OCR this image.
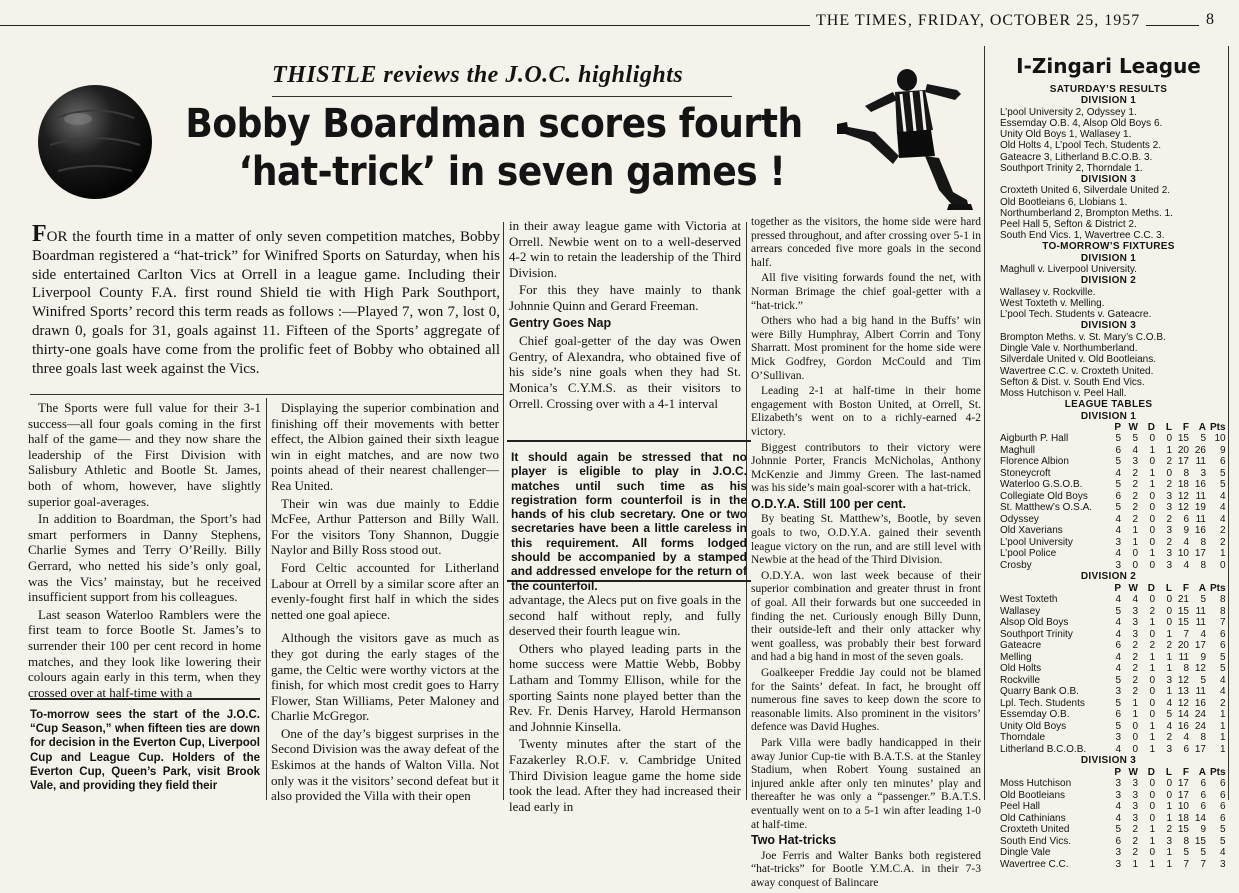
THE TIMES, FRIDAY, OCTOBER 25, 1957	8
THISTLE reviews the J.O.C. highlights
Bobby Boardman scores fourth
‘hat-trick’ in seven games !

FOR the fourth time in a matter of only seven competition matches, Bobby Boardman registered a “hat-trick” for Winifred Sports on Saturday, when his side entertained Carlton Vics at Orrell in a league game. Including their Liverpool County F.A. first round Shield tie with High Park Southport, Winifred Sports’ record this term reads as follows :—Played 7, won 7, lost 0, drawn 0, goals for 31, goals against 11. Fifteen of the Sports’ aggregate of thirty-one goals have come from the prolific feet of Bobby who obtained all three goals last week against the Vics.

The Sports were full value for their 3-1 success—all four goals coming in the first half of the game— and they now share the leadership of the First Division with Salisbury Athletic and Bootle St. James, both of whom, however, have slightly superior goal-averages.

In addition to Boardman, the Sport’s had smart performers in Danny Stephens, Charlie Symes and Terry O’Reilly. Billy Gerrard, who netted his side’s only goal, was the Vics’ mainstay, but he received insufficient support from his colleagues.

Last season Waterloo Ramblers were the first team to force Bootle St. James’s to surrender their 100 per cent record in home matches, and they look like lowering their colours again early in this term, when they crossed over at half-time with a

To-morrow sees the start of the J.O.C. “Cup Season,” when fifteen ties are down for decision in the Everton Cup, Liverpool Cup and League Cup. Holders of the Everton Cup, Queen’s Park, visit Brook Vale, and providing they field their

Displaying the superior combination and finishing off their movements with better effect, the Albion gained their sixth league win in eight matches, and are now two points ahead of their nearest challenger—Rea United.

Their win was due mainly to Eddie McFee, Arthur Patterson and Billy Wall. For the visitors Tony Shannon, Duggie Naylor and Billy Ross stood out.

Ford Celtic accounted for Litherland Labour at Orrell by a similar score after an evenly-fought first half in which the sides netted one goal apiece.

Although the visitors gave as much as they got during the early stages of the game, the Celtic were worthy victors at the finish, for which most credit goes to Harry Flower, Stan Williams, Peter Maloney and Charlie McGregor.

One of the day’s biggest surprises in the Second Division was the away defeat of the Eskimos at the hands of Walton Villa. Not only was it the visitors’ second defeat but it also provided the Villa with their open

in their away league game with Victoria at Orrell. Newbie went on to a well-deserved 4-2 win to retain the leadership of the Third Division.

For this they have mainly to thank Johnnie Quinn and Gerard Freeman.

Gentry Goes Nap

Chief goal-getter of the day was Owen Gentry, of Alexandra, who obtained five of his side’s nine goals when they had St. Monica’s C.Y.M.S. as their visitors to Orrell. Crossing over with a 4-1 interval

It should again be stressed that no player is eligible to play in J.O.C. matches until such time as his registration form counterfoil is in the hands of his club secretary. One or two secretaries have been a little careless in this requirement. All forms lodged should be accompanied by a stamped and addressed envelope for the return of the counterfoil.

advantage, the Alecs put on five goals in the second half without reply, and fully deserved their fourth league win.

Others who played leading parts in the home success were Mattie Webb, Bobby Latham and Tommy Ellison, while for the sporting Saints none played better than the Rev. Fr. Denis Harvey, Harold Hermanson and Johnnie Kinsella.

Twenty minutes after the start of the Fazakerley R.O.F. v. Cambridge United Third Division league game the home side took the lead. After they had increased their lead early in

together as the visitors, the home side were hard pressed throughout, and after crossing over 5-1 in arrears conceded five more goals in the second half.

All five visiting forwards found the net, with Norman Brimage the chief goal-getter with a “hat-trick.”

Others who had a big hand in the Buffs’ win were Billy Humphray, Albert Corrin and Tony Sharratt. Most prominent for the home side were Mick Godfrey, Gordon McCould and Tim O’Sullivan.

Leading 2-1 at half-time in their home engagement with Boston United, at Orrell, St. Elizabeth’s went on to a richly-earned 4-2 victory.

Biggest contributors to their victory were Johnnie Porter, Francis McNicholas, Anthony McKenzie and Jimmy Green. The last-named was his side’s main goal-scorer with a hat-trick.

O.D.Y.A. Still 100 per cent.

By beating St. Matthew’s, Bootle, by seven goals to two, O.D.Y.A. gained their seventh league victory on the run, and are still level with Newbie at the head of the Third Division.

O.D.Y.A. won last week because of their superior combination and greater thrust in front of goal. All their forwards but one succeeded in finding the net. Curiously enough Billy Dunn, their outside-left and their only attacker why went goalless, was probably their best forward and had a big hand in most of the seven goals.

Goalkeeper Freddie Jay could not be blamed for the Saints’ defeat. In fact, he brought off numerous fine saves to keep down the score to reasonable limits. Also prominent in the visitors’ defence was David Hughes.

Park Villa were badly handicapped in their away Junior Cup-tie with B.A.T.S. at the Stanley Stadium, when Robert Young sustained an injured ankle after only ten minutes’ play and thereafter he was only a “passenger.” B.A.T.S. eventually went on to a 5-1 win after leading 1-0 at half-time.

Two Hat-tricks

Joe Ferris and Walter Banks both registered “hat-tricks” for Bootle Y.M.C.A. in their 7-3 away conquest of Balincare

I-Zingari League
SATURDAY’S RESULTS
DIVISION 1
L’pool University 2, Odyssey 1.
Essemday O.B. 4, Alsop Old Boys 6.
Unity Old Boys 1, Wallasey 1.
Old Holts 4, L’pool Tech. Students 2.
Gateacre 3, Litherland B.C.O.B. 3.
Southport Trinity 2, Thorndale 1.
DIVISION 3
Croxteth United 6, Silverdale United 2.
Old Bootleians 6, Llobians 1.
Northumberland 2, Brompton Meths. 1.
Peel Hall 5, Sefton & District 2.
South End Vics. 1, Wavertree C.C. 3.
TO-MORROW’S FIXTURES
DIVISION 1
Maghull v. Liverpool University.
DIVISION 2
Wallasey v. Rockville.
West Toxteth v. Melling.
L’pool Tech. Students v. Gateacre.
DIVISION 3
Brompton Meths. v. St. Mary’s C.O.B.
Dingle Vale v. Northumberland.
Silverdale United v. Old Bootleians.
Wavertree C.C. v. Croxteth United.
Sefton & Dist. v. South End Vics.
Moss Hutchison v. Peel Hall.
LEAGUE TABLES
DIVISION 1
	P	W	D	L	F	A	Pts
Aigburth P. Hall	5	5	0	0	15	5	10
Maghull	6	4	1	1	20	26	9
Florence Albion	5	3	0	2	17	11	6
Stoneycroft	4	2	1	0	8	3	5
Waterloo G.S.O.B.	5	2	1	2	18	16	5
Collegiate Old Boys	6	2	0	3	12	11	4
St. Matthew’s O.S.A.	5	2	0	3	12	19	4
Odyssey	4	2	0	2	6	11	4
Old Xaverians	4	1	0	3	9	16	2
L’pool University	3	1	0	2	4	8	2
L’pool Police	4	0	1	3	10	17	1
Crosby	3	0	0	3	4	8	0
DIVISION 2
	P	W	D	L	F	A	Pts
West Toxteth	4	4	0	0	21	5	8
Wallasey	5	3	2	0	15	11	8
Alsop Old Boys	4	3	1	0	15	11	7
Southport Trinity	4	3	0	1	7	4	6
Gateacre	6	2	2	2	20	17	6
Melling	4	2	1	1	11	9	5
Old Holts	4	2	1	1	8	12	5
Rockville	5	2	0	3	12	5	4
Quarry Bank O.B.	3	2	0	1	13	11	4
Lpl. Tech. Students	5	1	0	4	12	16	2
Essemday O.B.	6	1	0	5	14	24	1
Unity Old Boys	5	0	1	4	16	24	1
Thorndale	3	0	1	2	4	8	1
Litherland B.C.O.B.	4	0	1	3	6	17	1
DIVISION 3
	P	W	D	L	F	A	Pts
Moss Hutchison	3	3	0	0	17	6	6
Old Bootleians	3	3	0	0	17	6	6
Peel Hall	4	3	0	1	10	6	6
Old Cathinians	4	3	0	1	18	14	6
Croxteth United	5	2	1	2	15	9	5
South End Vics.	6	2	1	3	8	15	5
Dingle Vale	3	2	0	1	5	5	4
Wavertree C.C.	3	1	1	1	7	7	3
